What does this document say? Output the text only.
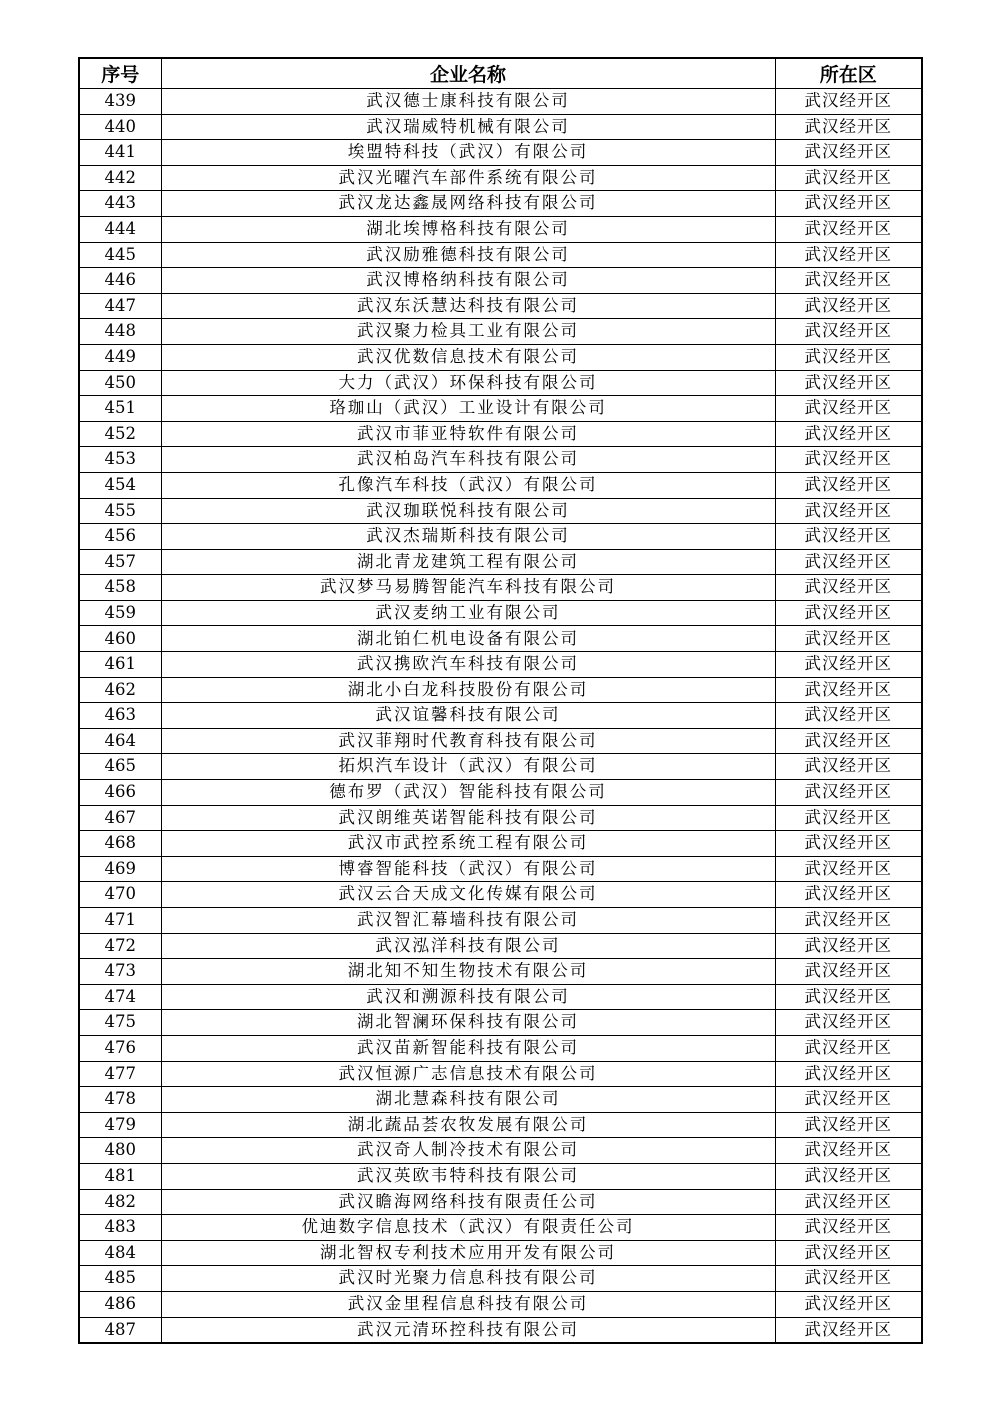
序号	企业名称	所在区
439	武汉德士康科技有限公司	武汉经开区
440	武汉瑞威特机械有限公司	武汉经开区
441	埃盟特科技（武汉）有限公司	武汉经开区
442	武汉光曜汽车部件系统有限公司	武汉经开区
443	武汉龙达鑫晟网络科技有限公司	武汉经开区
444	湖北埃博格科技有限公司	武汉经开区
445	武汉励雅德科技有限公司	武汉经开区
446	武汉博格纳科技有限公司	武汉经开区
447	武汉东沃慧达科技有限公司	武汉经开区
448	武汉聚力检具工业有限公司	武汉经开区
449	武汉优数信息技术有限公司	武汉经开区
450	大力（武汉）环保科技有限公司	武汉经开区
451	珞珈山（武汉）工业设计有限公司	武汉经开区
452	武汉市菲亚特软件有限公司	武汉经开区
453	武汉柏岛汽车科技有限公司	武汉经开区
454	孔像汽车科技（武汉）有限公司	武汉经开区
455	武汉珈联悦科技有限公司	武汉经开区
456	武汉杰瑞斯科技有限公司	武汉经开区
457	湖北青龙建筑工程有限公司	武汉经开区
458	武汉梦马易腾智能汽车科技有限公司	武汉经开区
459	武汉麦纳工业有限公司	武汉经开区
460	湖北铂仁机电设备有限公司	武汉经开区
461	武汉携欧汽车科技有限公司	武汉经开区
462	湖北小白龙科技股份有限公司	武汉经开区
463	武汉谊馨科技有限公司	武汉经开区
464	武汉菲翔时代教育科技有限公司	武汉经开区
465	拓炽汽车设计（武汉）有限公司	武汉经开区
466	德布罗（武汉）智能科技有限公司	武汉经开区
467	武汉朗维英诺智能科技有限公司	武汉经开区
468	武汉市武控系统工程有限公司	武汉经开区
469	博睿智能科技（武汉）有限公司	武汉经开区
470	武汉云合天成文化传媒有限公司	武汉经开区
471	武汉智汇幕墙科技有限公司	武汉经开区
472	武汉泓洋科技有限公司	武汉经开区
473	湖北知不知生物技术有限公司	武汉经开区
474	武汉和溯源科技有限公司	武汉经开区
475	湖北智澜环保科技有限公司	武汉经开区
476	武汉苗新智能科技有限公司	武汉经开区
477	武汉恒源广志信息技术有限公司	武汉经开区
478	湖北慧森科技有限公司	武汉经开区
479	湖北蔬品荟农牧发展有限公司	武汉经开区
480	武汉奇人制冷技术有限公司	武汉经开区
481	武汉英欧韦特科技有限公司	武汉经开区
482	武汉瞻海网络科技有限责任公司	武汉经开区
483	优迪数字信息技术（武汉）有限责任公司	武汉经开区
484	湖北智权专利技术应用开发有限公司	武汉经开区
485	武汉时光聚力信息科技有限公司	武汉经开区
486	武汉金里程信息科技有限公司	武汉经开区
487	武汉元清环控科技有限公司	武汉经开区
